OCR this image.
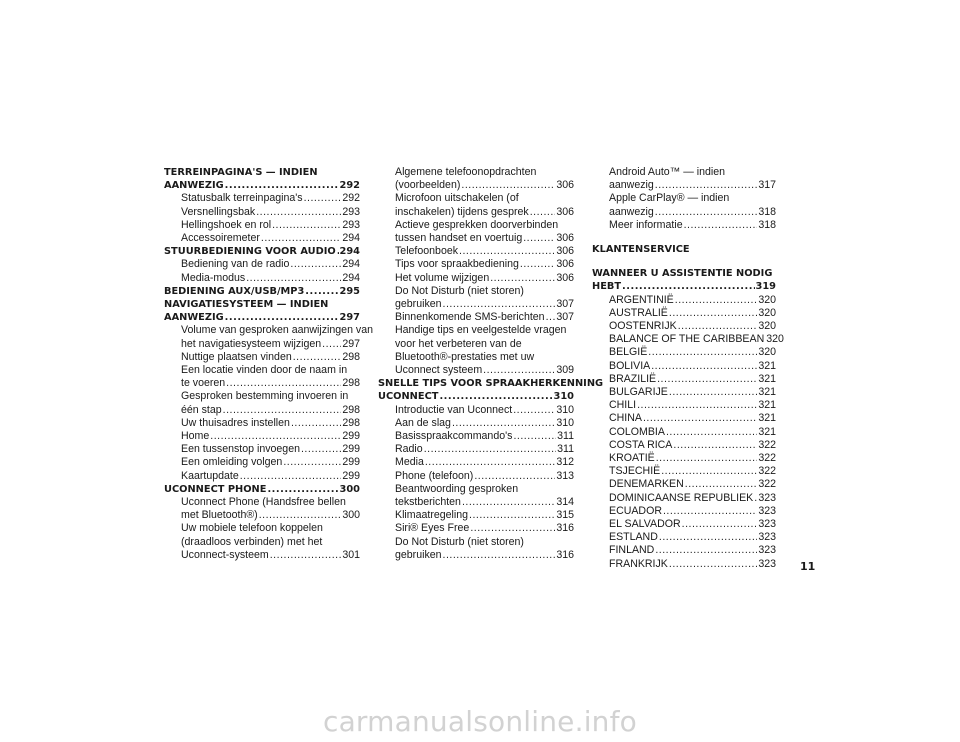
TERREINPAGINA'S — INDIEN
AANWEZIG .....	292
Statusbalk terreinpagina's .....	292
Versnellingsbak .....	293
Hellingshoek en rol .....	293
Accessoiremeter .....	294
STUURBEDIENING VOOR AUDIO ..... 294
Bediening van de radio .....	294
Media-modus .....	294
BEDIENING AUX/USB/MP3 .....	295
NAVIGATIESYSTEEM — INDIEN
AANWEZIG .....	297
Volume van gesproken aanwijzingen van
het navigatiesysteem wijzigen ..... 297
Nuttige plaatsen vinden .....	298
Een locatie vinden door de naam in
te voeren .....	298
Gesproken bestemming invoeren in
één stap .....	298
Uw thuisadres instellen .....	298
Home .....	299
Een tussenstop invoegen .....	299
Een omleiding volgen .....	299
Kaartupdate .....	299
UCONNECT PHONE .....	300
Uconnect Phone (Handsfree bellen
met Bluetooth®) .....	300
Uw mobiele telefoon koppelen
(draadloos verbinden) met het
Uconnect-systeem .....	301
Algemene telefoonopdrachten
(voorbeelden) .....	306
Microfoon uitschakelen (of
inschakelen) tijdens gesprek .....	306
Actieve gesprekken doorverbinden
tussen handset en voertuig .....	306
Telefoonboek .....	306
Tips voor spraakbediening .....	306
Het volume wijzigen .....	306
Do Not Disturb (niet storen)
gebruiken .....	307
Binnenkomende SMS-berichten ..... 307
Handige tips en veelgestelde vragen
voor het verbeteren van de
Bluetooth®-prestaties met uw
Uconnect systeem .....	309
SNELLE TIPS VOOR SPRAAKHERKENNING
UCONNECT .....	310
Introductie van Uconnect .....	310
Aan de slag .....	310
Basisspraakcommando's .....	311
Radio .....	311
Media .....	312
Phone (telefoon) .....	313
Beantwoording gesproken
tekstberichten .....	314
Klimaatregeling .....	315
Siri® Eyes Free .....	316
Do Not Disturb (niet storen)
gebruiken .....	316
Android Auto™ — indien
aanwezig .....	317
Apple CarPlay® — indien
aanwezig .....	318
Meer informatie .....	318
KLANTENSERVICE
WANNEER U ASSISTENTIE NODIG
HEBT .....	319
ARGENTINIË .....	320
AUSTRALIË .....	320
OOSTENRIJK .....	320
BALANCE OF THE CARIBBEAN 320
BELGIË .....	320
BOLIVIA .....	321
BRAZILIË .....	321
BULGARIJE .....	321
CHILI .....	321
CHINA .....	321
COLOMBIA .....	321
COSTA RICA .....	322
KROATIË .....	322
TSJECHIË .....	322
DENEMARKEN .....	322
DOMINICAANSE REPUBLIEK ..... 323
ECUADOR .....	323
EL SALVADOR .....	323
ESTLAND .....	323
FINLAND .....	323
FRANKRIJK .....	323 11
carmanualsonline.info
